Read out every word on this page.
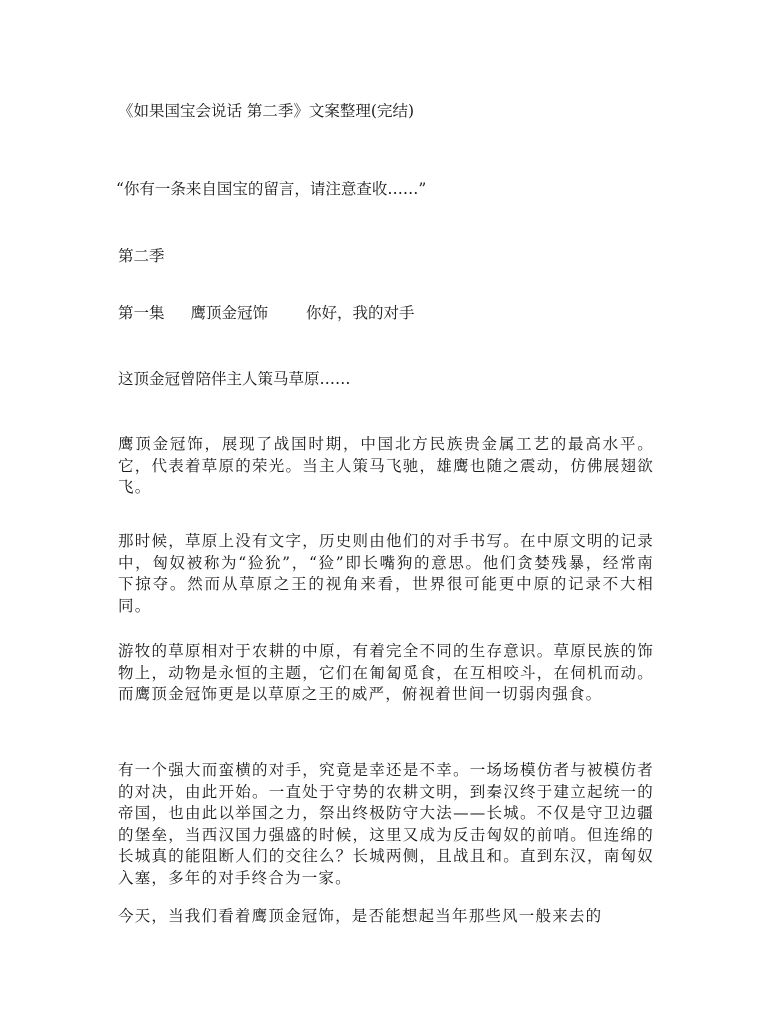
《如果国宝会说话 第二季》文案整理(完结)

“你有一条来自国宝的留言，请注意查收……”

第二季

第一集 鹰顶金冠饰 你好，我的对手

这顶金冠曾陪伴主人策马草原……

鹰顶金冠饰，展现了战国时期，中国北方民族贵金属工艺的最高水平。它，代表着草原的荣光。当主人策马飞驰，雄鹰也随之震动，仿佛展翅欲飞。

那时候，草原上没有文字，历史则由他们的对手书写。在中原文明的记录中，匈奴被称为“猃狁”，“猃”即长嘴狗的意思。他们贪婪残暴，经常南下掠夺。然而从草原之王的视角来看，世界很可能更中原的记录不大相同。

游牧的草原相对于农耕的中原，有着完全不同的生存意识。草原民族的饰物上，动物是永恒的主题，它们在匍匐觅食，在互相咬斗，在伺机而动。而鹰顶金冠饰更是以草原之王的威严，俯视着世间一切弱肉强食。

有一个强大而蛮横的对手，究竟是幸还是不幸。一场场模仿者与被模仿者的对决，由此开始。一直处于守势的农耕文明，到秦汉终于建立起统一的帝国，也由此以举国之力，祭出终极防守大法——长城。不仅是守卫边疆的堡垒，当西汉国力强盛的时候，这里又成为反击匈奴的前哨。但连绵的长城真的能阻断人们的交往么？长城两侧，且战且和。直到东汉，南匈奴入塞，多年的对手终合为一家。

今天，当我们看着鹰顶金冠饰，是否能想起当年那些风一般来去的
